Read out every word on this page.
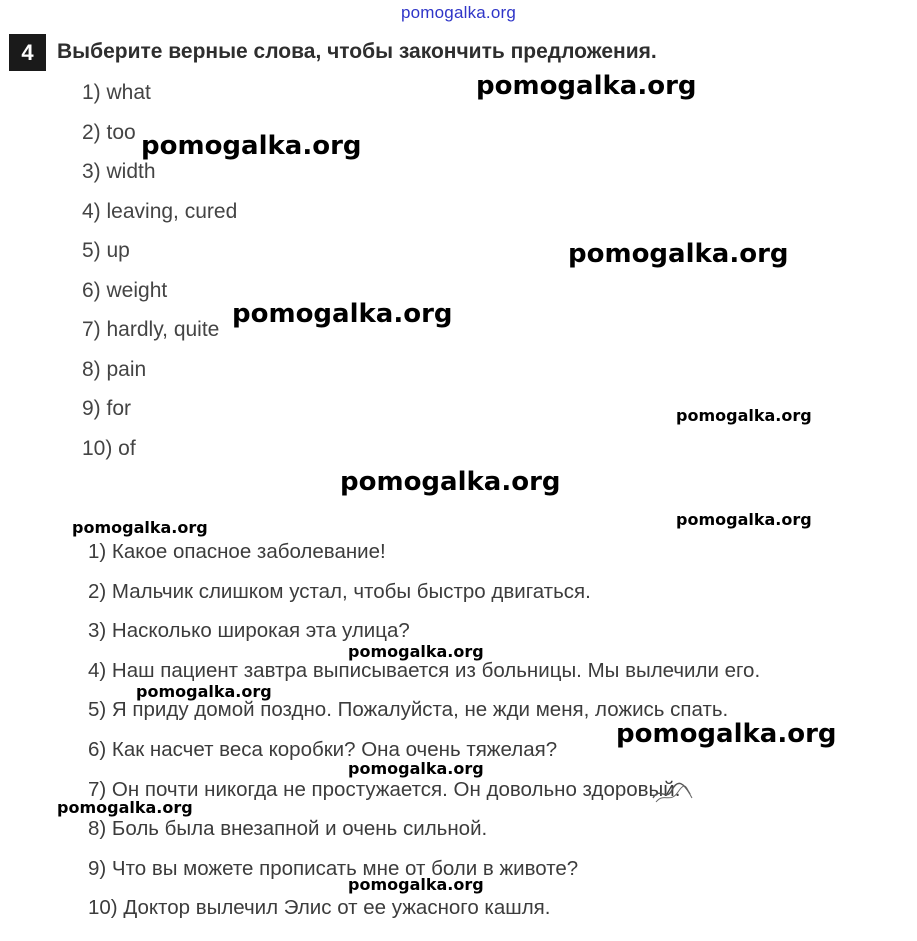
pomogalka.org
4	Выберите верные слова, чтобы закончить предложения.
1) what
2) too
3) width
4) leaving, cured
5) up
6) weight
7) hardly, quite
8) pain
9) for
10) of
1) Какое опасное заболевание!
2) Мальчик слишком устал, чтобы быстро двигаться.
3) Насколько широкая эта улица?
4) Наш пациент завтра выписывается из больницы. Мы вылечили его.
5) Я приду домой поздно. Пожалуйста, не жди меня, ложись спать.
6) Как насчет веса коробки? Она очень тяжелая?
7) Он почти никогда не простужается. Он довольно здоровый.
8) Боль была внезапной и очень сильной.
9) Что вы можете прописать мне от боли в животе?
10) Доктор вылечил Элис от ее ужасного кашля.
pomogalka.org
pomogalka.org
pomogalka.org
pomogalka.org
pomogalka.org
pomogalka.org
pomogalka.org	pomogalka.org
pomogalka.org
pomogalka.org
pomogalka.org
pomogalka.org
pomogalka.org
pomogalka.org
